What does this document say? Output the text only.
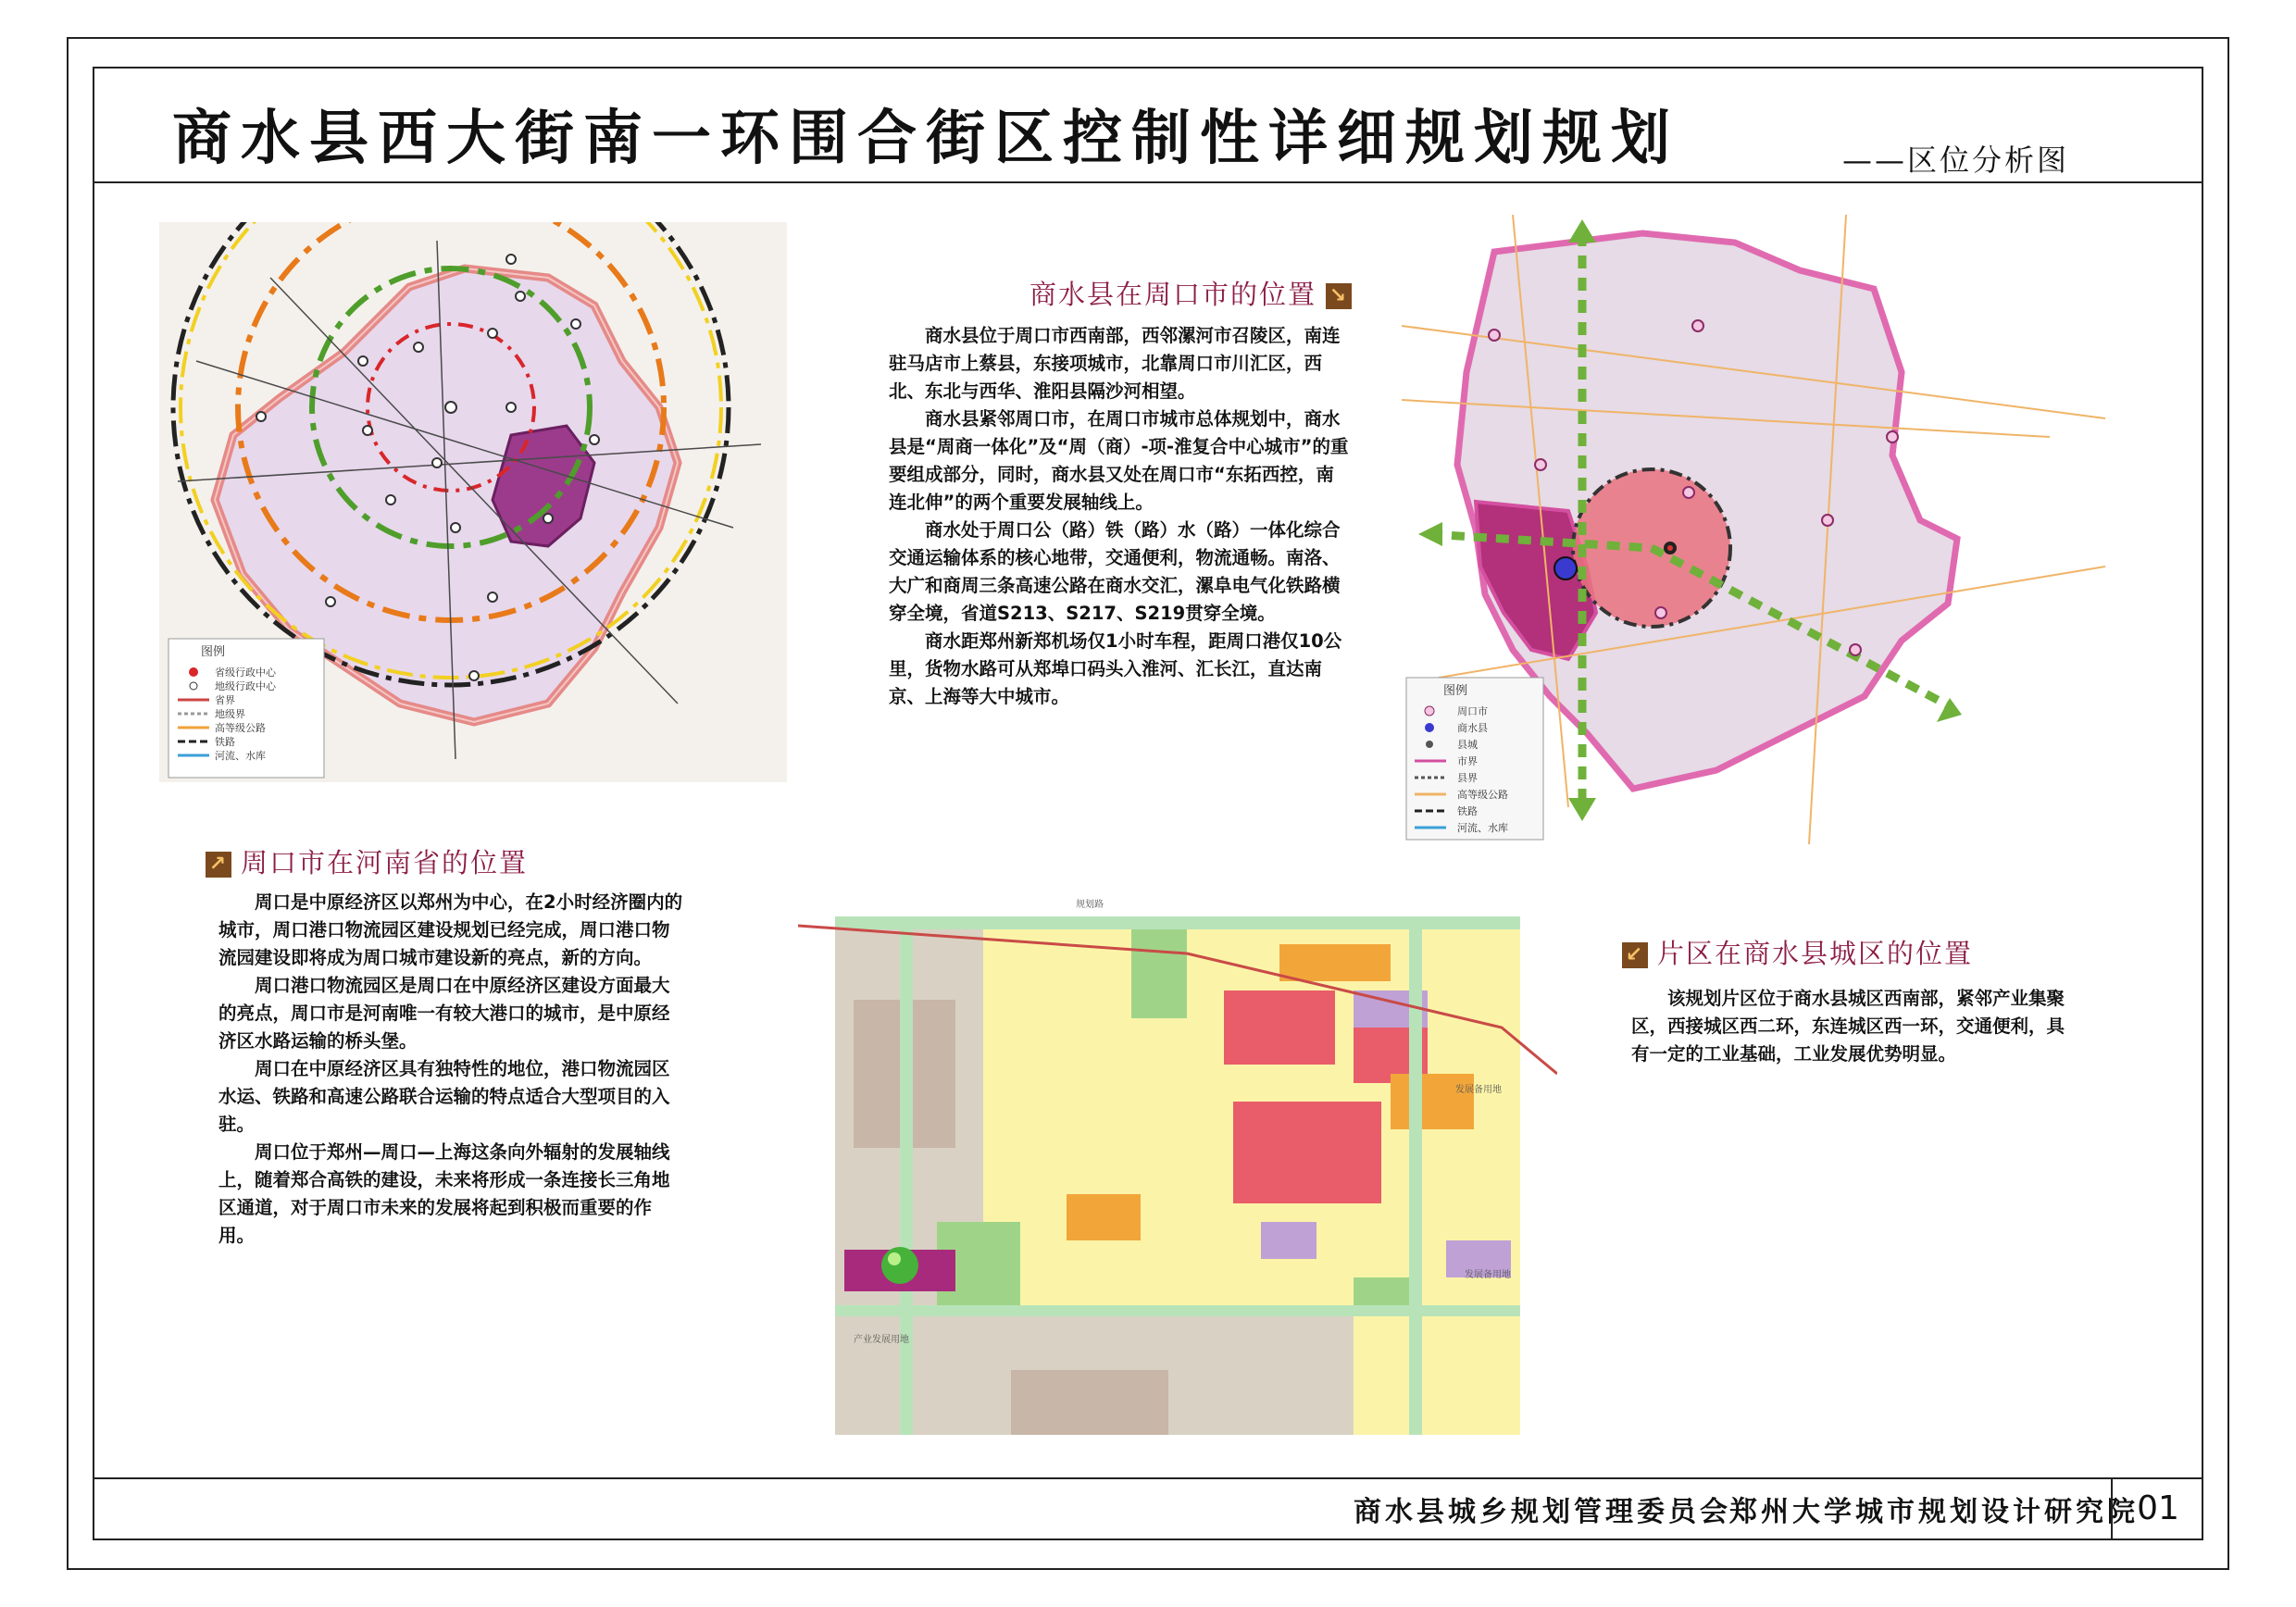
商水县西大街南一环围合街区控制性详细规划规划	——区位分析图
图例
省级行政中心
地级行政中心
省界
地级界
高等级公路
铁路
河流、水库
图例
周口市
商水县
县城
市界
县界
高等级公路
铁路
河流、水库
发展备用地
发展备用地
产业发展用地
规划路
商水县在周口市的位置 ↘

商水县位于周口市西南部，西邻漯河市召陵区，南连驻马店市上蔡县，东接项城市，北靠周口市川汇区，西北、东北与西华、淮阳县隔沙河相望。

商水县紧邻周口市，在周口市城市总体规划中，商水县是“周商一体化”及“周（商）-项-淮复合中心城市”的重要组成部分，同时，商水县又处在周口市“东拓西控，南连北伸”的两个重要发展轴线上。

商水处于周口公（路）铁（路）水（路）一体化综合交通运输体系的核心地带，交通便利，物流通畅。南洛、大广和商周三条高速公路在商水交汇，漯阜电气化铁路横穿全境，省道S213、S217、S219贯穿全境。

商水距郑州新郑机场仅1小时车程，距周口港仅10公里，货物水路可从郑埠口码头入淮河、汇长江，直达南京、上海等大中城市。

↗ 周口市在河南省的位置

周口是中原经济区以郑州为中心，在2小时经济圈内的城市，周口港口物流园区建设规划已经完成，周口港口物流园建设即将成为周口城市建设新的亮点，新的方向。

周口港口物流园区是周口在中原经济区建设方面最大的亮点，周口市是河南唯一有较大港口的城市，是中原经济区水路运输的桥头堡。

周口在中原经济区具有独特性的地位，港口物流园区水运、铁路和高速公路联合运输的特点适合大型项目的入驻。

周口位于郑州—周口—上海这条向外辐射的发展轴线上，随着郑合高铁的建设，未来将形成一条连接长三角地区通道，对于周口市未来的发展将起到积极而重要的作用。

↙ 片区在商水县城区的位置

该规划片区位于商水县城区西南部，紧邻产业集聚区，西接城区西二环，东连城区西一环，交通便利，具有一定的工业基础，工业发展优势明显。

商水县城乡规划管理委员会
郑州大学城市规划设计研究院
01
